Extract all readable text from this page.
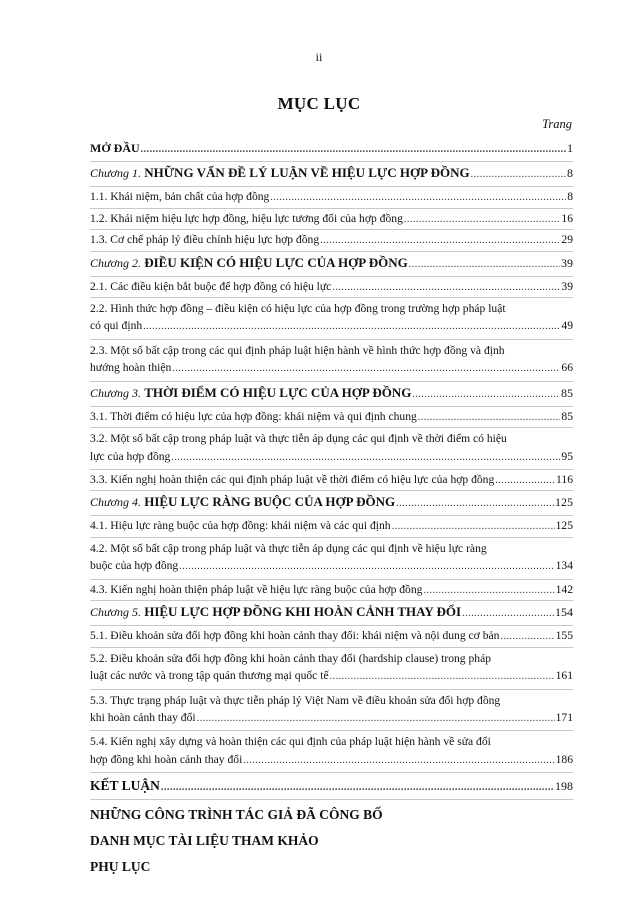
ii
MỤC LỤC
Trang
MỞ ĐẦU .....	1
Chương 1. NHỮNG VẤN ĐỀ LÝ LUẬN VỀ HIỆU LỰC HỢP ĐỒNG .....	8
1.1. Khái niệm, bản chất của hợp đồng .....	8
1.2. Khái niệm hiệu lực hợp đồng, hiệu lực tương đối của hợp đồng .....	16
1.3. Cơ chế pháp lý điều chỉnh hiệu lực hợp đồng .....	29
Chương 2. ĐIỀU KIỆN CÓ HIỆU LỰC CỦA HỢP ĐỒNG .....	39
2.1. Các điều kiện bắt buộc để hợp đồng có hiệu lực .....	39
2.2. Hình thức hợp đồng – điều kiện có hiệu lực của hợp đồng trong trường hợp pháp luật
có qui định .....	49
2.3. Một số bất cập trong các qui định pháp luật hiện hành về hình thức hợp đồng và định
hướng hoàn thiện .....	66
Chương 3. THỜI ĐIỂM CÓ HIỆU LỰC CỦA HỢP ĐỒNG .....	85
3.1. Thời điểm có hiệu lực của hợp đồng: khái niệm và qui định chung .....	85
3.2. Một số bất cập trong pháp luật và thực tiễn áp dụng các qui định về thời điểm có hiệu
lực của hợp đồng .....	95
3.3. Kiến nghị hoàn thiện các qui định pháp luật về thời điểm có hiệu lực của hợp đồng .....	116
Chương 4. HIỆU LỰC RÀNG BUỘC CỦA HỢP ĐỒNG .....	125
4.1. Hiệu lực ràng buộc của hợp đồng: khái niệm và các qui định .....	125
4.2. Một số bất cập trong pháp luật và thực tiễn áp dụng các qui định về hiệu lực ràng
buộc của hợp đồng .....	134
4.3. Kiến nghị hoàn thiện pháp luật về hiệu lực ràng buộc của hợp đồng .....	142
Chương 5. HIỆU LỰC HỢP ĐỒNG KHI HOÀN CẢNH THAY ĐỔI .....	154
5.1. Điều khoản sửa đổi hợp đồng khi hoàn cảnh thay đổi: khái niệm và nội dung cơ bản .....	155
5.2. Điều khoản sửa đổi hợp đồng khi hoàn cảnh thay đổi (hardship clause) trong pháp
luật các nước và trong tập quán thương mại quốc tế .....	161
5.3. Thực trạng pháp luật và thực tiễn pháp lý Việt Nam về điều khoản sửa đổi hợp đồng
khi hoàn cảnh thay đổi .....	171
5.4. Kiến nghị xây dựng và hoàn thiện các qui định của pháp luật hiện hành về sửa đổi
hợp đồng khi hoàn cảnh thay đổi .....	186
KẾT LUẬN .....	198
NHỮNG CÔNG TRÌNH TÁC GIẢ ĐÃ CÔNG BỐ
DANH MỤC TÀI LIỆU THAM KHẢO
PHỤ LỤC
